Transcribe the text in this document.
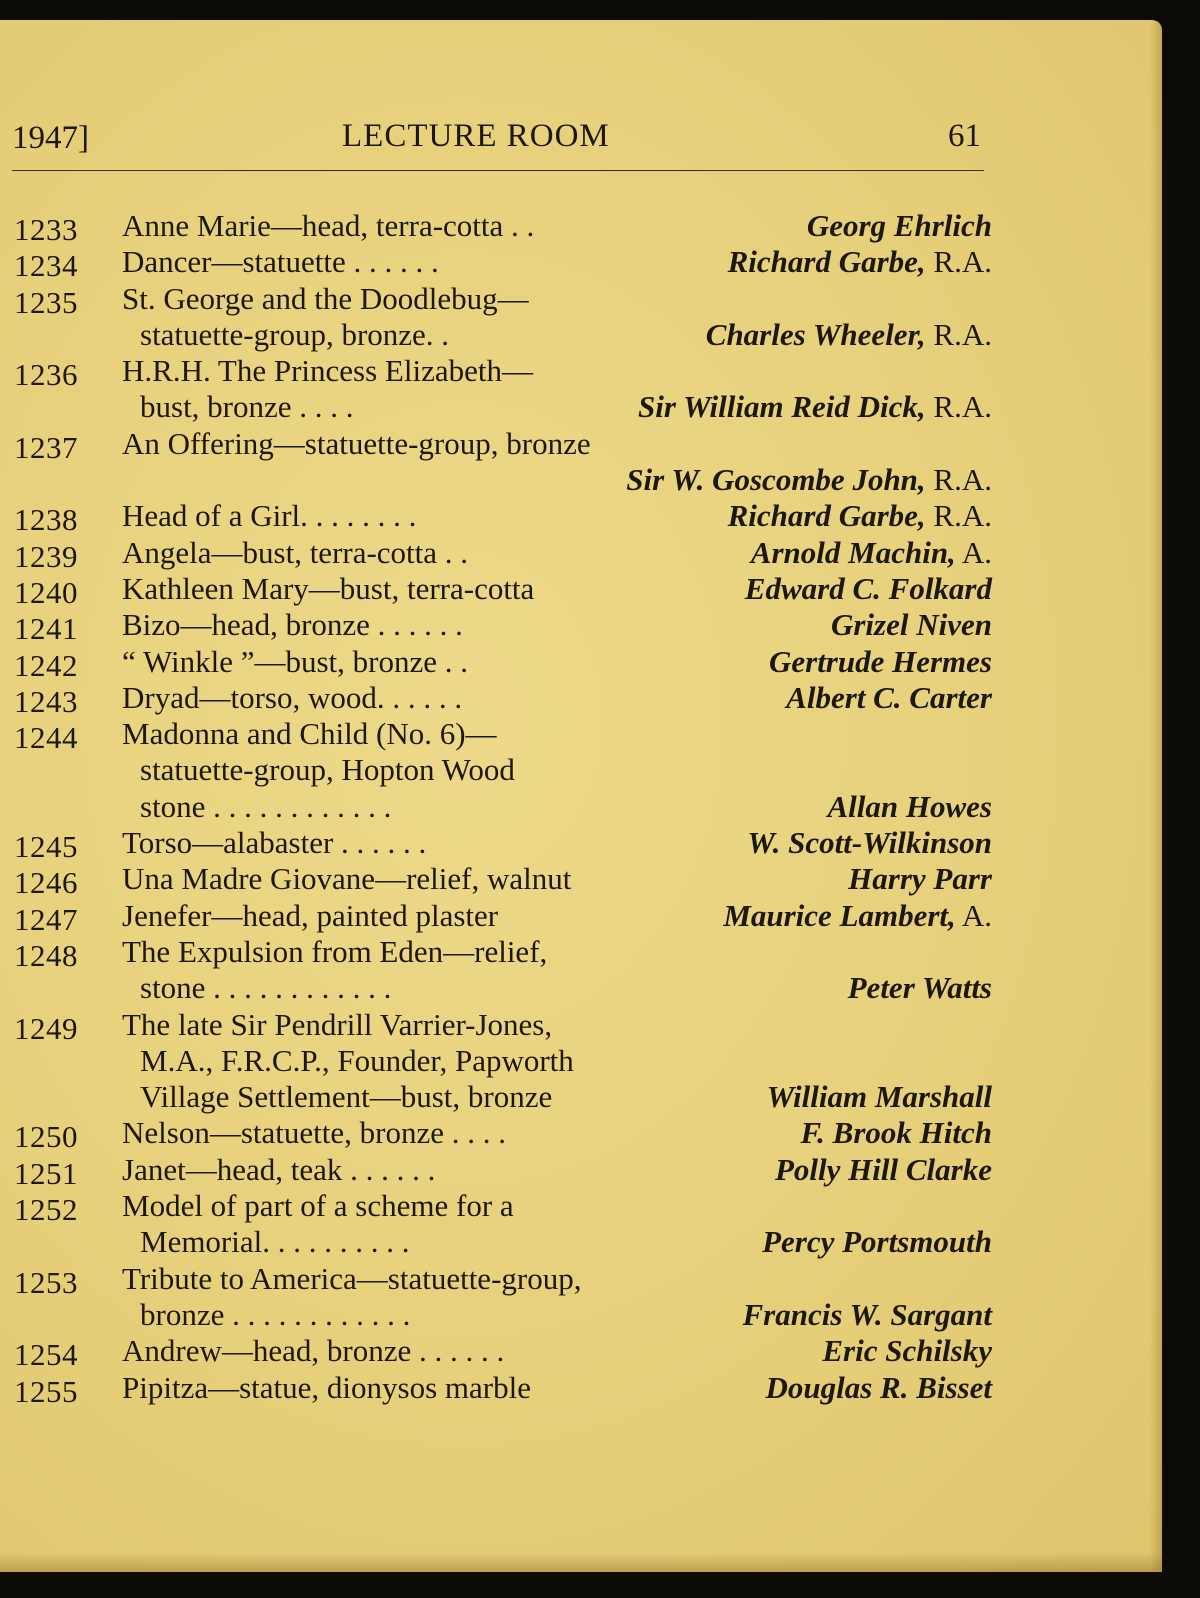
1947]	LECTURE ROOM	61
1233 Anne Marie—head, terra-cotta . .	Georg Ehrlich
1234 Dancer—statuette . . . . . .	Richard Garbe, R.A.
1235 St. George and the Doodlebug—
statuette-group, bronze. .	Charles Wheeler, R.A.
1236 H.R.H. The Princess Elizabeth—
bust, bronze . . . .	Sir William Reid Dick, R.A.
1237 An Offering—statuette-group, bronze
Sir W. Goscombe John, R.A.
1238 Head of a Girl. . . . . . . .	Richard Garbe, R.A.
1239 Angela—bust, terra-cotta . .	Arnold Machin, A.
1240 Kathleen Mary—bust, terra-cotta	Edward C. Folkard
1241 Bizo—head, bronze . . . . . .	Grizel Niven
1242 “ Winkle ”—bust, bronze . .	Gertrude Hermes
1243 Dryad—torso, wood. . . . . .	Albert C. Carter
1244 Madonna and Child (No. 6)—
statuette-group, Hopton Wood
stone . . . . . . . . . . . .	Allan Howes
1245 Torso—alabaster . . . . . .	W. Scott-Wilkinson
1246 Una Madre Giovane—relief, walnut	Harry Parr
1247 Jenefer—head, painted plaster	Maurice Lambert, A.
1248 The Expulsion from Eden—relief,
stone . . . . . . . . . . . .	Peter Watts
1249 The late Sir Pendrill Varrier-Jones,
M.A., F.R.C.P., Founder, Papworth
Village Settlement—bust, bronze	William Marshall
1250 Nelson—statuette, bronze . . . .	F. Brook Hitch
1251 Janet—head, teak . . . . . .	Polly Hill Clarke
1252 Model of part of a scheme for a
Memorial. . . . . . . . . .	Percy Portsmouth
1253 Tribute to America—statuette-group,
bronze . . . . . . . . . . . .	Francis W. Sargant
1254 Andrew—head, bronze . . . . . .	Eric Schilsky
1255 Pipitza—statue, dionysos marble	Douglas R. Bisset
